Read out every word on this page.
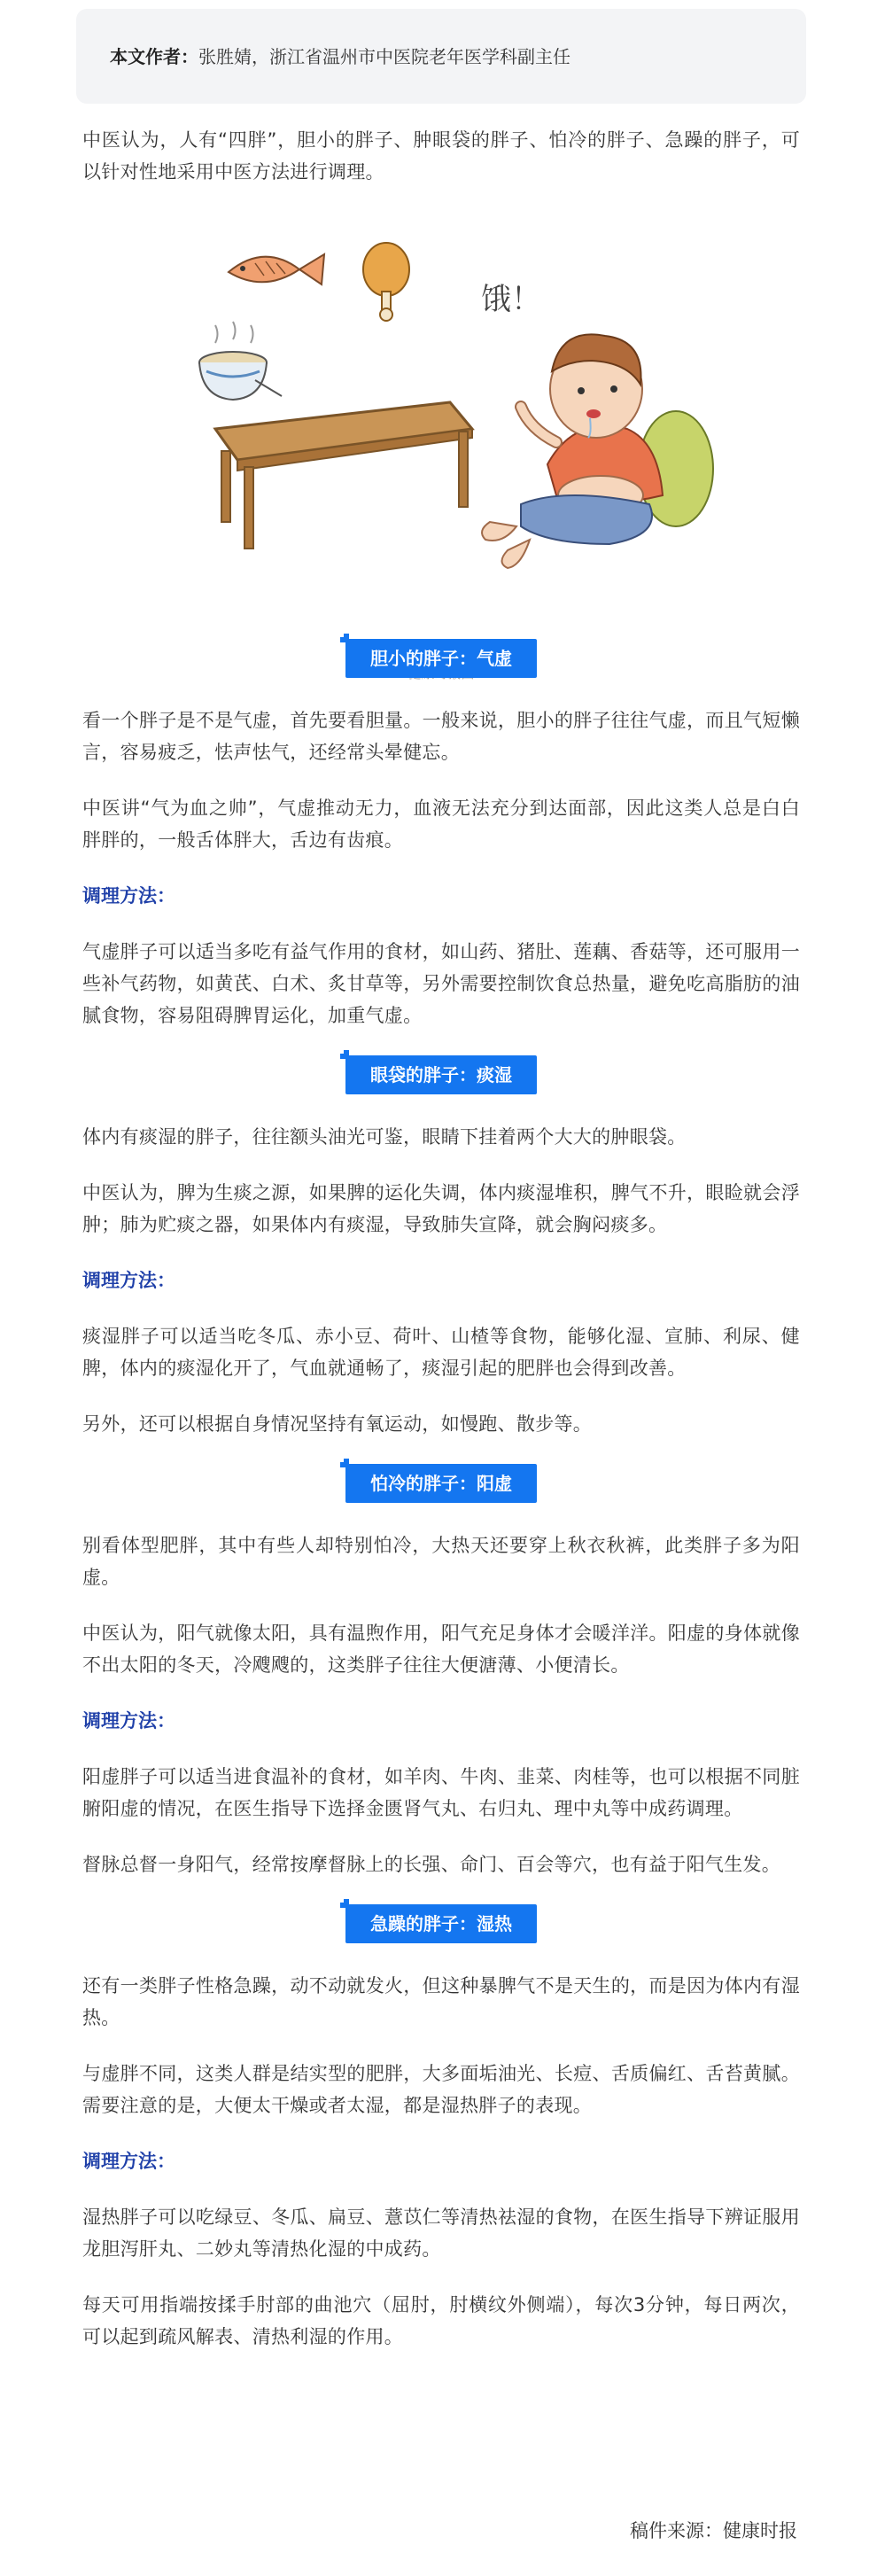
本文作者： 张胜婧，浙江省温州市中医院老年医学科副主任

中医认为，人有“四胖”，胆小的胖子、肿眼袋的胖子、怕冷的胖子、急躁的胖子，可以针对性地采用中医方法进行调理。

饿！
胆小的胖子：气虚

看一个胖子是不是气虚，首先要看胆量。一般来说，胆小的胖子往往气虚，而且气短懒言，容易疲乏，怯声怯气，还经常头晕健忘。

中医讲“气为血之帅”，气虚推动无力，血液无法充分到达面部，因此这类人总是白白胖胖的，一般舌体胖大，舌边有齿痕。

调理方法：

气虚胖子可以适当多吃有益气作用的食材，如山药、猪肚、莲藕、香菇等，还可服用一些补气药物，如黄芪、白术、炙甘草等，另外需要控制饮食总热量，避免吃高脂肪的油腻食物，容易阻碍脾胃运化，加重气虚。

眼袋的胖子：痰湿

体内有痰湿的胖子，往往额头油光可鉴，眼睛下挂着两个大大的肿眼袋。

中医认为，脾为生痰之源，如果脾的运化失调，体内痰湿堆积，脾气不升，眼睑就会浮肿；肺为贮痰之器，如果体内有痰湿，导致肺失宣降，就会胸闷痰多。

调理方法：

痰湿胖子可以适当吃冬瓜、赤小豆、荷叶、山楂等食物，能够化湿、宣肺、利尿、健脾，体内的痰湿化开了，气血就通畅了，痰湿引起的肥胖也会得到改善。

另外，还可以根据自身情况坚持有氧运动，如慢跑、散步等。

怕冷的胖子：阳虚

别看体型肥胖，其中有些人却特别怕冷，大热天还要穿上秋衣秋裤，此类胖子多为阳虚。

中医认为，阳气就像太阳，具有温煦作用，阳气充足身体才会暖洋洋。阳虚的身体就像不出太阳的冬天，冷飕飕的，这类胖子往往大便溏薄、小便清长。

调理方法：

阳虚胖子可以适当进食温补的食材，如羊肉、牛肉、韭菜、肉桂等，也可以根据不同脏腑阳虚的情况，在医生指导下选择金匮肾气丸、右归丸、理中丸等中成药调理。

督脉总督一身阳气，经常按摩督脉上的长强、命门、百会等穴，也有益于阳气生发。

急躁的胖子：湿热

还有一类胖子性格急躁，动不动就发火，但这种暴脾气不是天生的，而是因为体内有湿热。

与虚胖不同，这类人群是结实型的肥胖，大多面垢油光、长痘、舌质偏红、舌苔黄腻。需要注意的是，大便太干燥或者太湿，都是湿热胖子的表现。

调理方法：

湿热胖子可以吃绿豆、冬瓜、扁豆、薏苡仁等清热祛湿的食物，在医生指导下辨证服用龙胆泻肝丸、二妙丸等清热化湿的中成药。

每天可用指端按揉手肘部的曲池穴（屈肘，肘横纹外侧端），每次3分钟，每日两次，可以起到疏风解表、清热利湿的作用。

稿件来源：健康时报
